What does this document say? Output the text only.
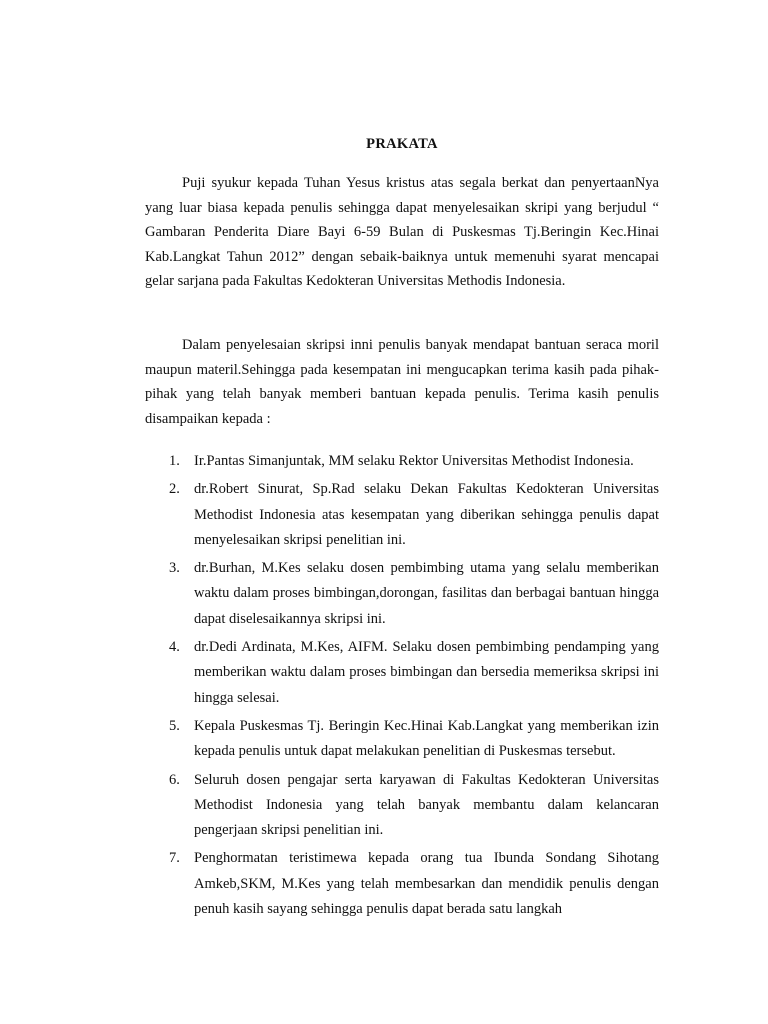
PRAKATA

Puji syukur kepada Tuhan Yesus kristus atas segala berkat dan penyertaanNya yang luar biasa kepada penulis sehingga dapat menyelesaikan skripi yang berjudul “ Gambaran Penderita Diare Bayi 6-59 Bulan di Puskesmas Tj.Beringin Kec.Hinai Kab.Langkat Tahun 2012” dengan sebaik-baiknya untuk memenuhi syarat mencapai gelar sarjana pada Fakultas Kedokteran Universitas Methodis Indonesia.

Dalam penyelesaian skripsi inni penulis banyak mendapat bantuan seraca moril maupun materil.Sehingga pada kesempatan ini mengucapkan terima kasih pada pihak-pihak yang telah banyak memberi bantuan kepada penulis. Terima kasih penulis disampaikan kepada :

1. Ir.Pantas Simanjuntak, MM selaku Rektor Universitas Methodist Indonesia.
2. dr.Robert Sinurat, Sp.Rad selaku Dekan Fakultas Kedokteran Universitas Methodist Indonesia atas kesempatan yang diberikan sehingga penulis dapat menyelesaikan skripsi penelitian ini.
3. dr.Burhan, M.Kes selaku dosen pembimbing utama yang selalu memberikan waktu dalam proses bimbingan,dorongan, fasilitas dan berbagai bantuan hingga dapat diselesaikannya skripsi ini.
4. dr.Dedi Ardinata, M.Kes, AIFM. Selaku dosen pembimbing pendamping yang memberikan waktu dalam proses bimbingan dan bersedia memeriksa skripsi ini hingga selesai.
5. Kepala Puskesmas Tj. Beringin Kec.Hinai Kab.Langkat yang memberikan izin kepada penulis untuk dapat melakukan penelitian di Puskesmas tersebut.
6. Seluruh dosen pengajar serta karyawan di Fakultas Kedokteran Universitas Methodist Indonesia yang telah banyak membantu dalam kelancaran pengerjaan skripsi penelitian ini.
7. Penghormatan teristimewa kepada orang tua Ibunda Sondang Sihotang Amkeb,SKM, M.Kes yang telah membesarkan dan mendidik penulis dengan penuh kasih sayang sehingga penulis dapat berada satu langkah
